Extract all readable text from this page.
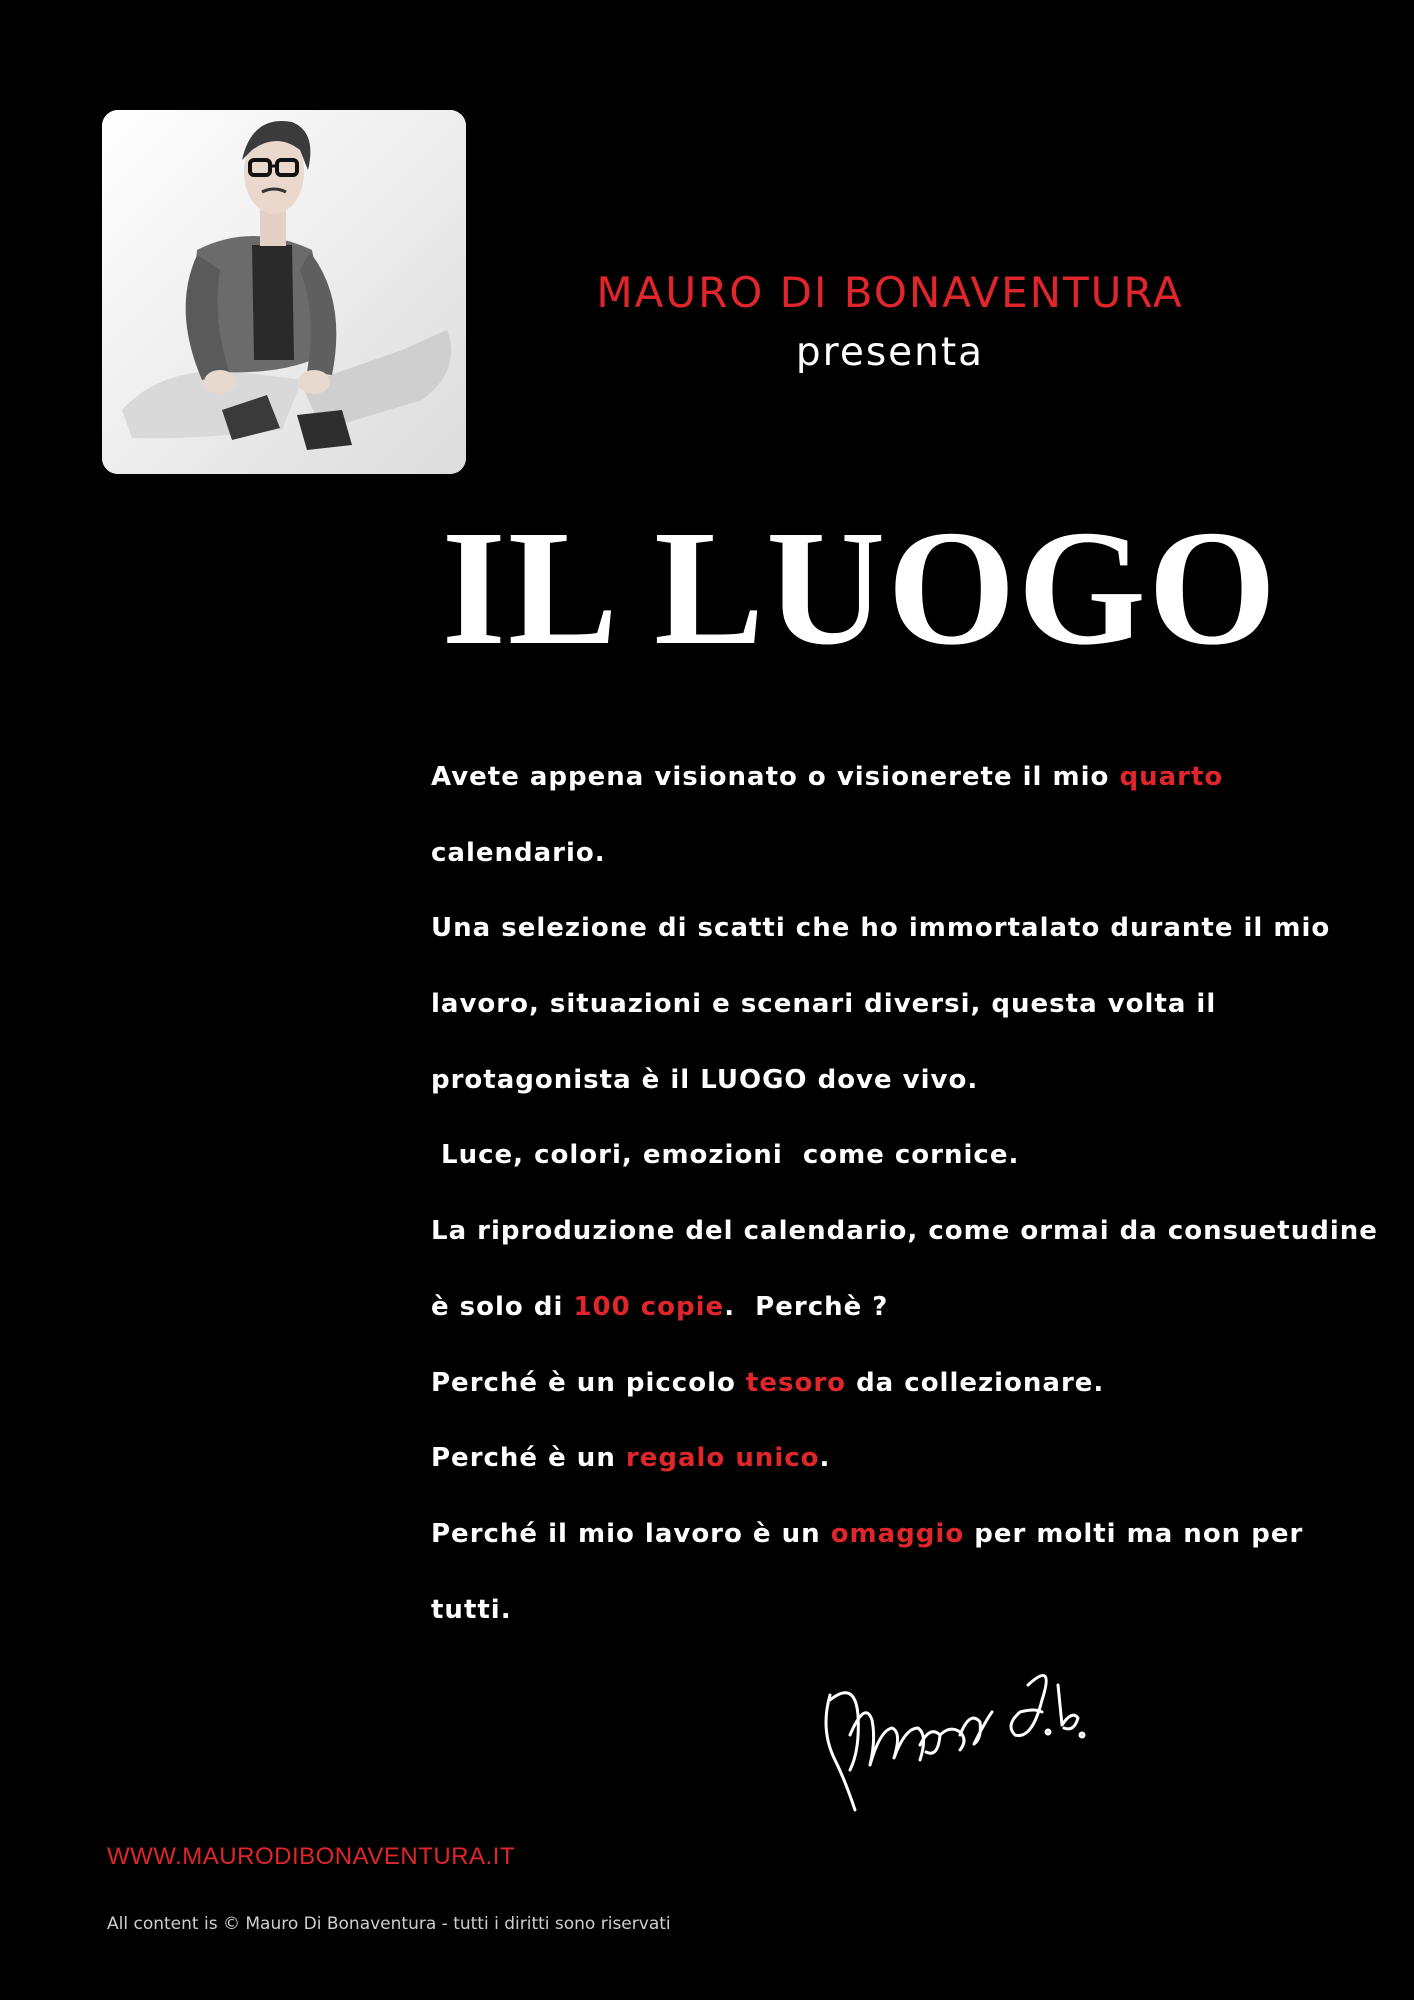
MAURO DI BONAVENTURA
presenta
IL LUOGO
Avete appena visionato o visionerete il mio quarto
calendario.
Una selezione di scatti che ho immortalato durante il mio
lavoro, situazioni e scenari diversi, questa volta il
protagonista è il LUOGO dove vivo.
Luce, colori, emozioni  come cornice.
La riproduzione del calendario, come ormai da consuetudine
è solo di 100 copie.  Perchè ?
Perché è un piccolo tesoro da collezionare.
Perché è un regalo unico.
Perché il mio lavoro è un omaggio per molti ma non per
tutti.
WWW.MAURODIBONAVENTURA.IT
All content is © Mauro Di Bonaventura - tutti i diritti sono riservati
